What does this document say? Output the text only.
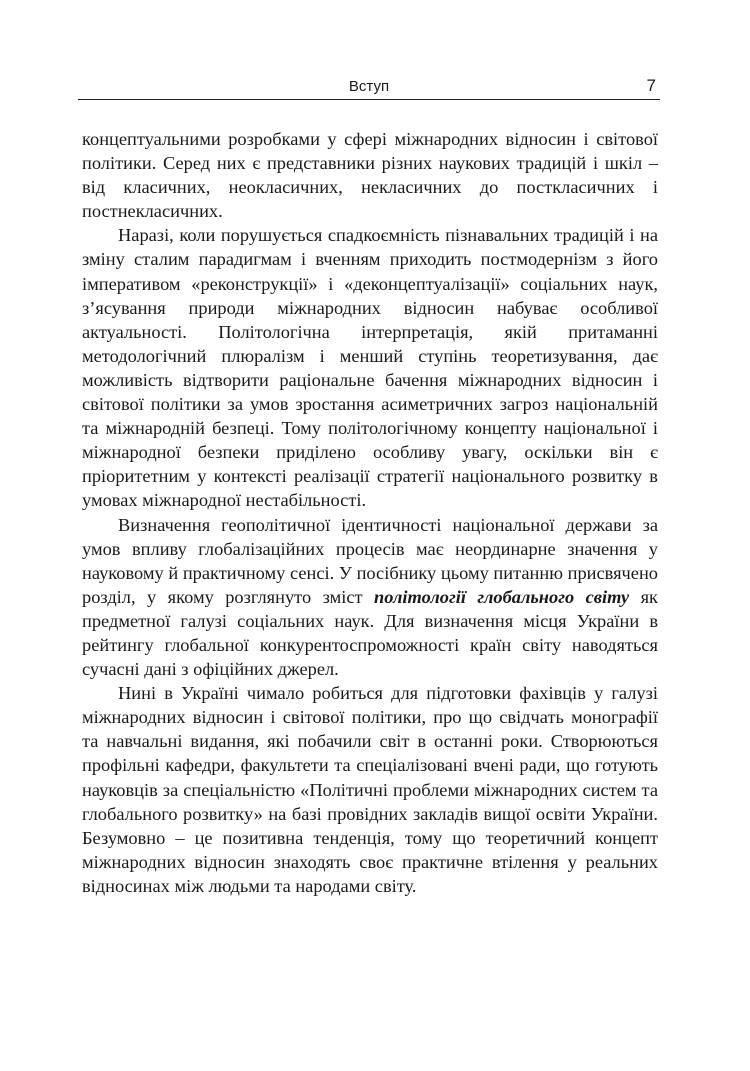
Вступ	7

концептуальними розробками у сфері міжнародних відносин і світової політики. Серед них є представники різних наукових традицій і шкіл – від класичних, неокласичних, некласичних до посткласичних і постнекласичних.

Наразі, коли порушується спадкоємність пізнавальних традицій і на зміну сталим парадигмам і вченням приходить постмодернізм з його імперативом «реконструкції» і «деконцептуалізації» соціальних наук, з’ясування природи міжнародних відносин набуває особливої актуальності. Політологічна інтерпретація, якій притаманні методологічний плюралізм і менший ступінь теоретизування, дає можливість відтворити раціональне бачення міжнародних відносин і світової політики за умов зростання асиметричних загроз національній та міжнародній безпеці. Тому політологічному концепту національної і міжнародної безпеки приділено особливу увагу, оскільки він є пріоритетним у контексті реалізації стратегії національного розвитку в умовах міжнародної нестабільності.

Визначення геополітичної ідентичності національної держави за умов впливу глобалізаційних процесів має неординарне значення у науковому й практичному сенсі. У посібнику цьому питанню присвячено розділ, у якому розглянуто зміст політології глобального світу як предметної галузі соціальних наук. Для визначення місця України в рейтингу глобальної конкурентоспроможності країн світу наводяться сучасні дані з офіційних джерел.

Нині в Україні чимало робиться для підготовки фахівців у галузі міжнародних відносин і світової політики, про що свідчать монографії та навчальні видання, які побачили світ в останні роки. Створюються профільні кафедри, факультети та спеціалізовані вчені ради, що готують науковців за спеціальністю «Політичні проблеми міжнародних систем та глобального розвитку» на базі провідних закладів вищої освіти України. Безумовно – це позитивна тенденція, тому що теоретичний концепт міжнародних відносин знаходять своє практичне втілення у реальних відносинах між людьми та народами світу.
